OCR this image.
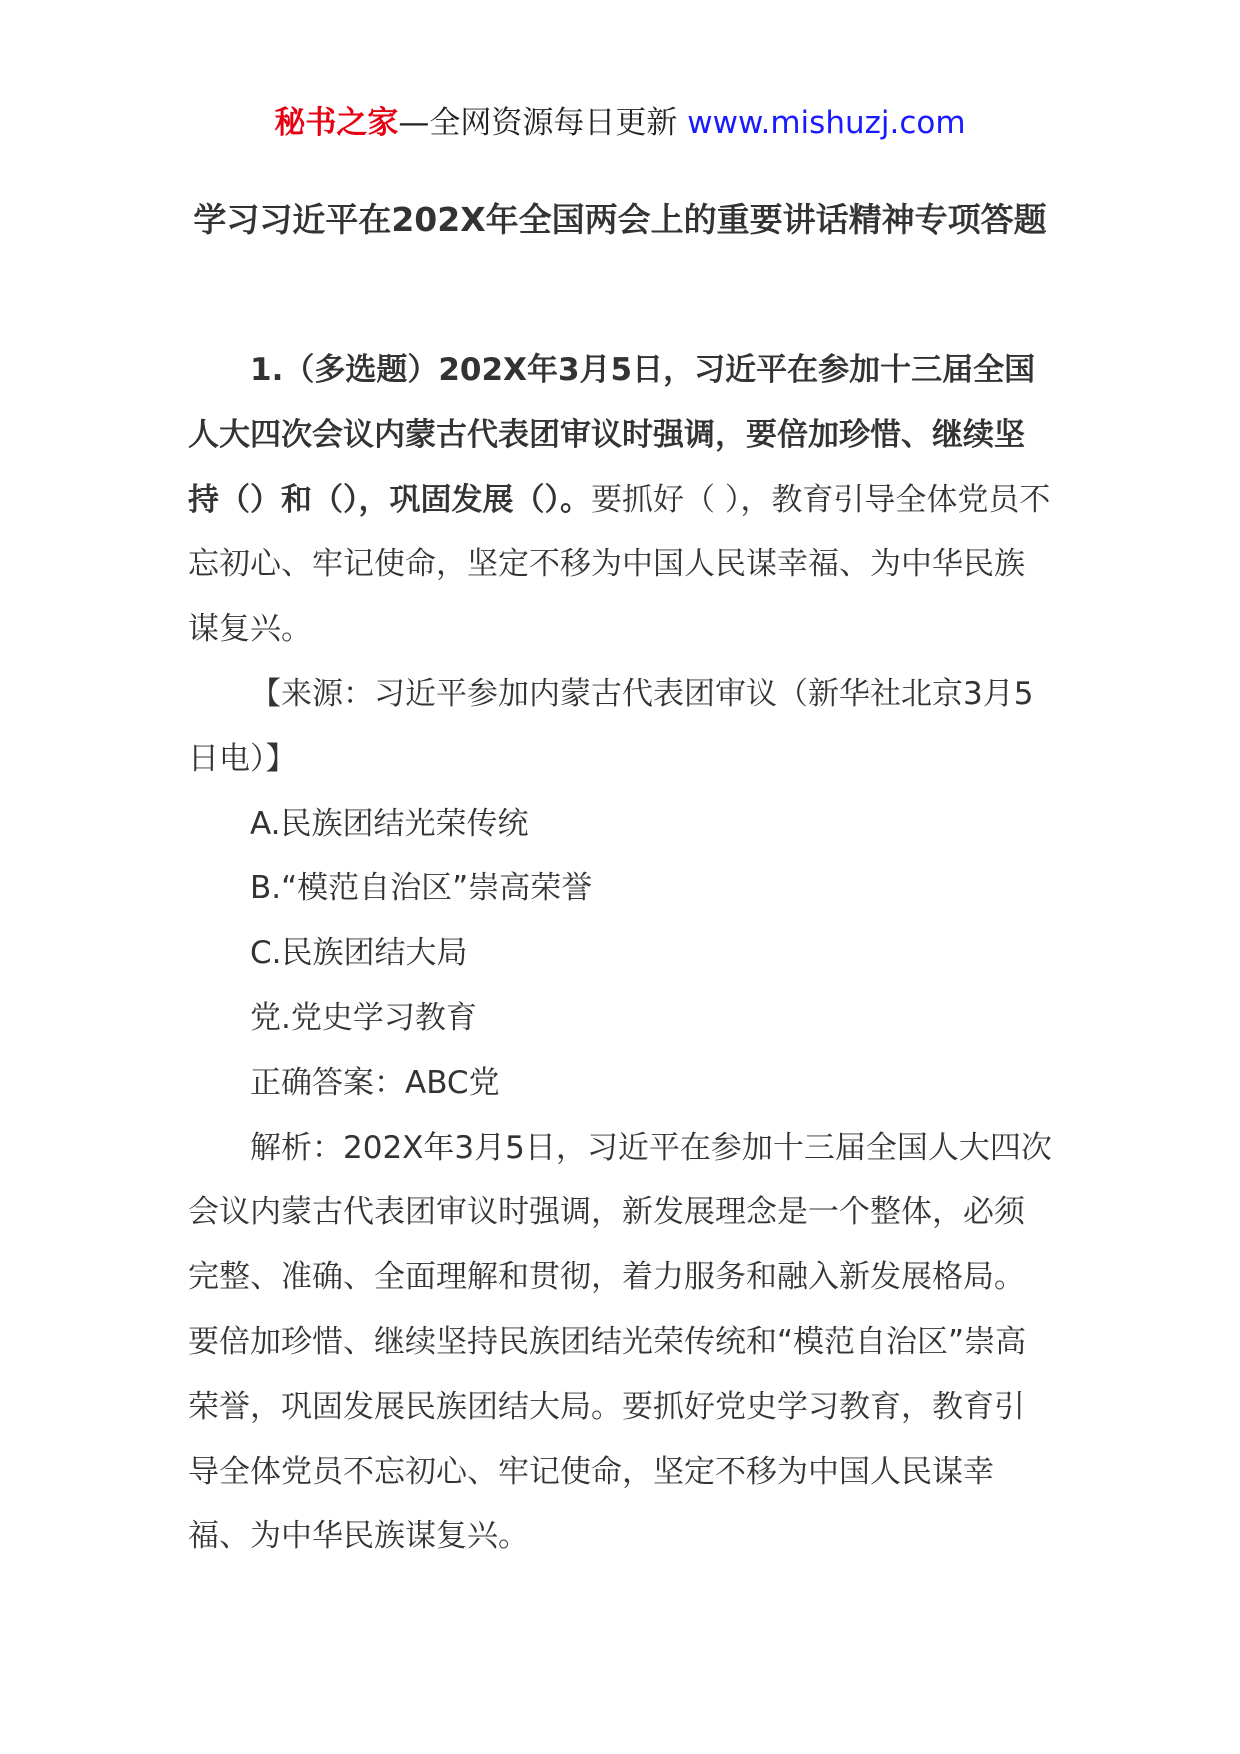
秘书之家—全网资源每日更新 www.mishuzj.com
学习习近平在202X年全国两会上的重要讲话精神专项答题

1.（多选题）202X年3月5日，习近平在参加十三届全国人大四次会议内蒙古代表团审议时强调，要倍加珍惜、继续坚持（）和（），巩固发展（）。要抓好（ ），教育引导全体党员不忘初心、牢记使命，坚定不移为中国人民谋幸福、为中华民族谋复兴。

【来源：习近平参加内蒙古代表团审议（新华社北京3月5日电）】

A.民族团结光荣传统

B.“模范自治区”崇高荣誉

C.民族团结大局

党.党史学习教育

正确答案：ABC党

解析：202X年3月5日，习近平在参加十三届全国人大四次会议内蒙古代表团审议时强调，新发展理念是一个整体，必须完整、准确、全面理解和贯彻，着力服务和融入新发展格局。要倍加珍惜、继续坚持民族团结光荣传统和“模范自治区”崇高荣誉，巩固发展民族团结大局。要抓好党史学习教育，教育引导全体党员不忘初心、牢记使命，坚定不移为中国人民谋幸福、为中华民族谋复兴。
